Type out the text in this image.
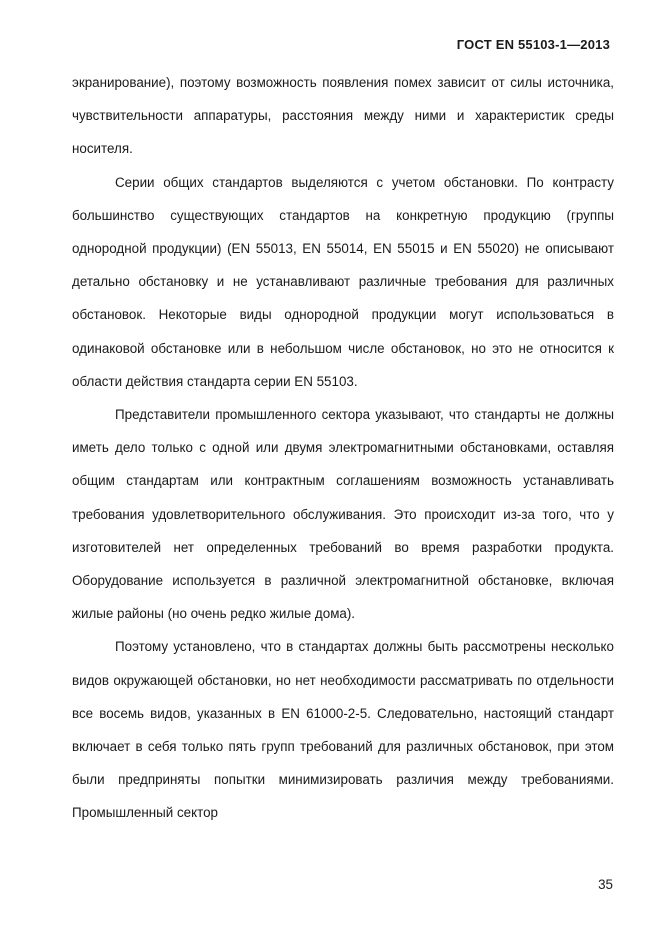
ГОСТ EN 55103-1—2013

экранирование), поэтому возможность появления помех зависит от силы источника, чувствительности аппаратуры, расстояния между ними и характеристик среды носителя.

Серии общих стандартов выделяются с учетом обстановки. По контрасту большинство существующих стандартов на конкретную продукцию (группы однородной продукции) (EN 55013, EN 55014, EN 55015 и EN 55020) не описывают детально обстановку и не устанавливают различные требования для различных обстановок. Некоторые виды однородной продукции могут использоваться в одинаковой обстановке или в небольшом числе обстановок, но это не относится к области действия стандарта серии EN 55103.

Представители промышленного сектора указывают, что стандарты не должны иметь дело только с одной или двумя электромагнитными обстановками, оставляя общим стандартам или контрактным соглашениям возможность устанавливать требования удовлетворительного обслуживания. Это происходит из-за того, что у изготовителей нет определенных требований во время разработки продукта. Оборудование используется в различной электромагнитной обстановке, включая жилые районы (но очень редко жилые дома).

Поэтому установлено, что в стандартах должны быть рассмотрены несколько видов окружающей обстановки, но нет необходимости рассматривать по отдельности все восемь видов, указанных в EN 61000-2-5. Следовательно, настоящий стандарт включает в себя только пять групп требований для различных обстановок, при этом были предприняты попытки минимизировать различия между требованиями. Промышленный сектор

35
